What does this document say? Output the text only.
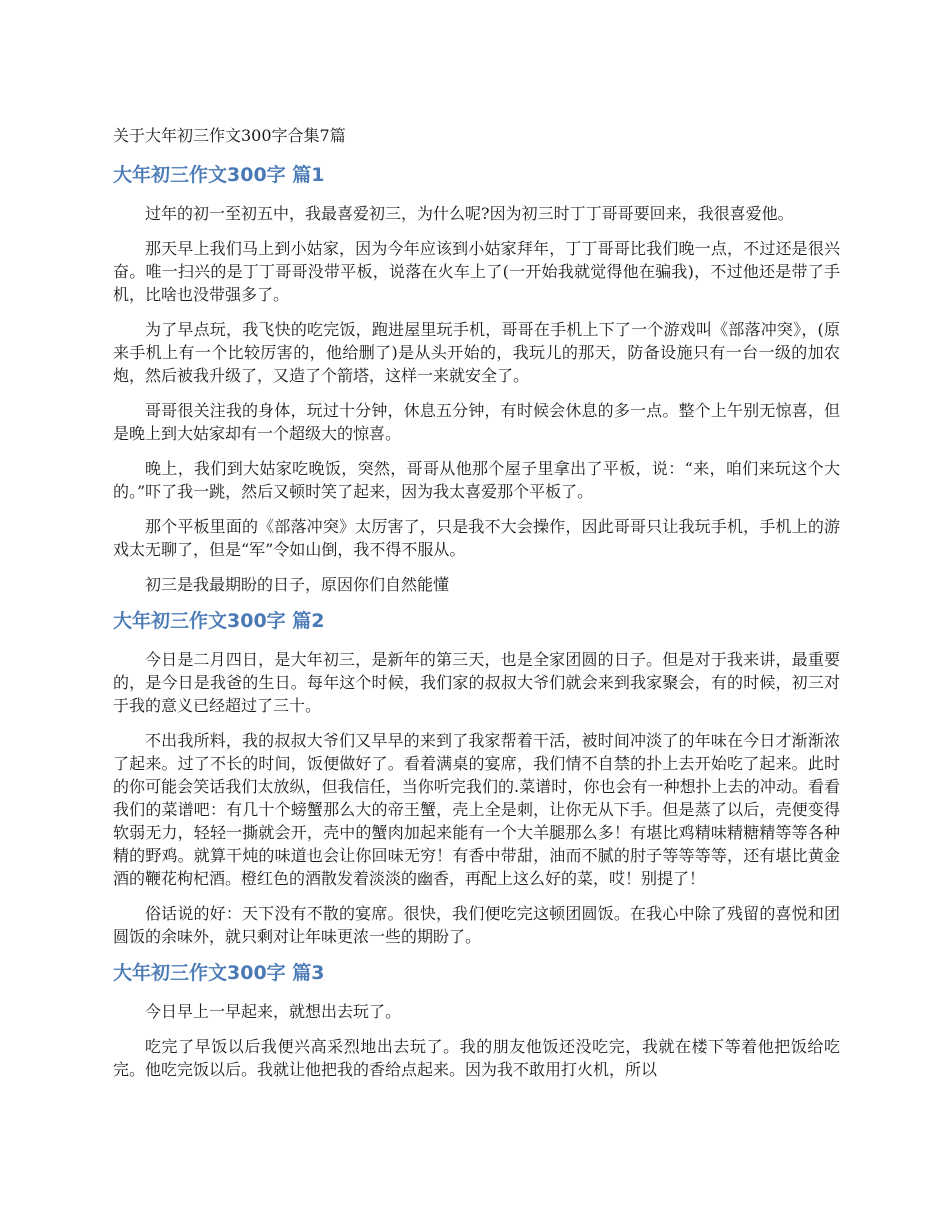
关于大年初三作文300字合集7篇
大年初三作文300字 篇1

过年的初一至初五中，我最喜爱初三，为什么呢?因为初三时丁丁哥哥要回来，我很喜爱他。

那天早上我们马上到小姑家，因为今年应该到小姑家拜年，丁丁哥哥比我们晚一点，不过还是很兴奋。唯一扫兴的是丁丁哥哥没带平板，说落在火车上了(一开始我就觉得他在骗我)，不过他还是带了手机，比啥也没带强多了。

为了早点玩，我飞快的吃完饭，跑进屋里玩手机，哥哥在手机上下了一个游戏叫《部落冲突》，(原来手机上有一个比较厉害的，他给删了)是从头开始的，我玩儿的那天，防备设施只有一台一级的加农炮，然后被我升级了，又造了个箭塔，这样一来就安全了。

哥哥很关注我的身体，玩过十分钟，休息五分钟，有时候会休息的多一点。整个上午别无惊喜，但是晚上到大姑家却有一个超级大的惊喜。

晚上，我们到大姑家吃晚饭，突然，哥哥从他那个屋子里拿出了平板，说：“来，咱们来玩这个大的。”吓了我一跳，然后又顿时笑了起来，因为我太喜爱那个平板了。

那个平板里面的《部落冲突》太厉害了，只是我不大会操作，因此哥哥只让我玩手机，手机上的游戏太无聊了，但是“军”令如山倒，我不得不服从。

初三是我最期盼的日子，原因你们自然能懂

大年初三作文300字 篇2

今日是二月四日，是大年初三，是新年的第三天，也是全家团圆的日子。但是对于我来讲，最重要的，是今日是我爸的生日。每年这个时候，我们家的叔叔大爷们就会来到我家聚会，有的时候，初三对于我的意义已经超过了三十。

不出我所料，我的叔叔大爷们又早早的来到了我家帮着干活，被时间冲淡了的年味在今日才渐渐浓了起来。过了不长的时间，饭便做好了。看着满桌的宴席，我们情不自禁的扑上去开始吃了起来。此时的你可能会笑话我们太放纵，但我信任，当你听完我们的.菜谱时，你也会有一种想扑上去的冲动。看看我们的菜谱吧：有几十个螃蟹那么大的帝王蟹，壳上全是刺，让你无从下手。但是蒸了以后，壳便变得软弱无力，轻轻一撕就会开，壳中的蟹肉加起来能有一个大羊腿那么多！有堪比鸡精味精糖精等等各种精的野鸡。就算干炖的味道也会让你回味无穷！有香中带甜，油而不腻的肘子等等等等，还有堪比黄金酒的鞭花枸杞酒。橙红色的酒散发着淡淡的幽香，再配上这么好的菜，哎！别提了！

俗话说的好：天下没有不散的宴席。很快，我们便吃完这顿团圆饭。在我心中除了残留的喜悦和团圆饭的余味外，就只剩对让年味更浓一些的期盼了。

大年初三作文300字 篇3

今日早上一早起来，就想出去玩了。

吃完了早饭以后我便兴高采烈地出去玩了。我的朋友他饭还没吃完，我就在楼下等着他把饭给吃完。他吃完饭以后。我就让他把我的香给点起来。因为我不敢用打火机，所以
